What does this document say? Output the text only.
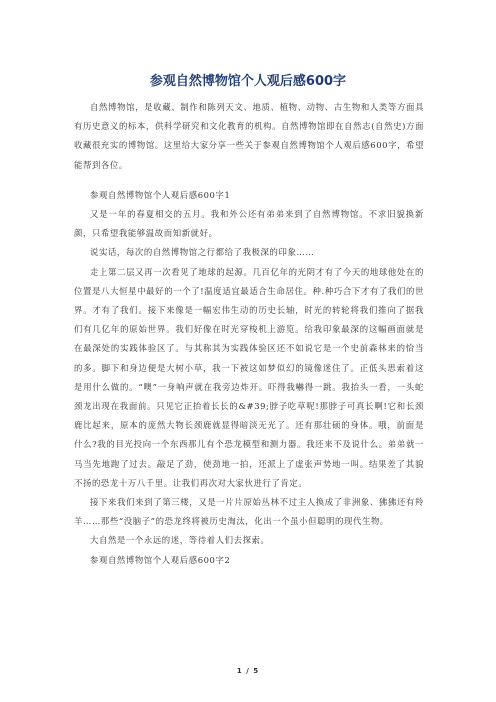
参观自然博物馆个人观后感600字

自然博物馆，是收藏、制作和陈列天文、地质、植物、动物、古生物和人类等方面具有历史意义的标本，供科学研究和文化教育的机构。自然博物馆即在自然志(自然史)方面收藏很充实的博物馆。这里给大家分享一些关于参观自然博物馆个人观后感600字，希望能帮到各位。

参观自然博物馆个人观后感600字1

又是一年的春夏相交的五月。我和外公还有弟弟来到了自然博物馆。不求旧貌换新颜，只希望我能够温故而知新就好。

说实话，每次的自然博物馆之行都给了我极深的印象……

走上第二层又再一次看见了地球的起源。几百亿年的光阴才有了今天的地球他处在的位置是八大恒星中最好的一个了!温度适宜最适合生命居住。种.种巧合下才有了我们的世界。才有了我们。接下来像是一幅宏伟生动的历史长轴，时光的转轮将我们推向了据我们有几亿年的原始世界。我们好像在时光穿梭机上游览。给我印象最深的这幅画面就是在最深处的实践体验区了。与其称其为实践体验区还不如说它是一个史前森林来的恰当的多。脚下和身边便是大树小草，我一下被这如梦似幻的镜像迷住了。正低头思索着这是用什么做的。“噢”一身响声就在我旁边炸开。吓得我嚇得一跳。我抬头一看，一头蛇颈龙出现在我面前。只见它正抬着长长的&#39;脖子吃草呢!那脖子可真长啊!它和长颈鹿比起来，原本的庞然大物长颈鹿就显得暗淡无光了。还有那壮硕的身体。哦，前面是什么?我的目光投向一个东西那儿有个恐龙模型和测力器。我还来不及说什么。弟弟就一马当先地跑了过去。敲足了劲，使劲地一拍，还派上了虚张声势地一叫。结果差了其貌不扬的恐龙十万八千里。让我们再次对大家伙进行了肯定。

接下来我们来到了第三楼，又是一片片原始丛林不过主人换成了非洲象、狒狒还有羚羊……那些“没脑子”的恐龙终将被历史淘汰，化出一个虽小但聪明的现代生物。

大自然是一个永远的迷，等待着人们去探索。

参观自然博物馆个人观后感600字2

1 / 5
